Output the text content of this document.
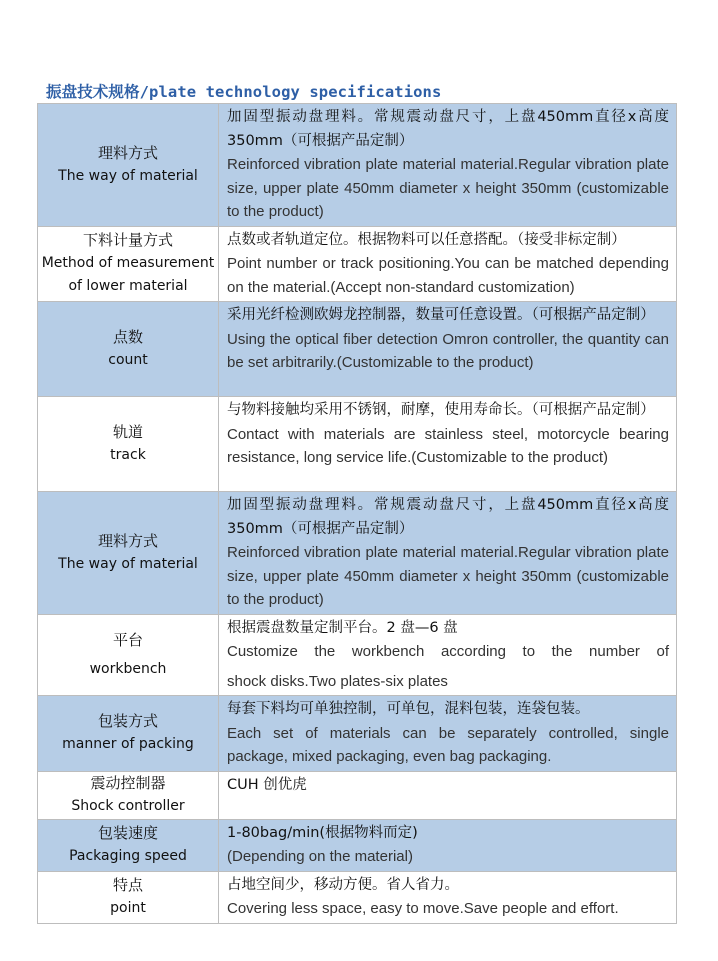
振盘技术规格/plate technology specifications
理料方式
The way of material	加固型振动盘理料。常规震动盘尺寸，上盘450mm直径x高度350mm（可根据产品定制）
Reinforced vibration plate material material.Regular vibration plate size, upper plate 450mm diameter x height 350mm (customizable to the product)

下料计量方式
Method of measurement of lower material	点数或者轨道定位。根据物料可以任意搭配。（接受非标定制）
Point number or track positioning.You can be matched depending on the material.(Accept non-standard customization)

点数
count	采用光纤检测欧姆龙控制器，数量可任意设置。（可根据产品定制）
Using the optical fiber detection Omron controller, the quantity can be set arbitrarily.(Customizable to the product)

轨道
track	与物料接触均采用不锈钢，耐摩，使用寿命长。（可根据产品定制）
Contact with materials are stainless steel, motorcycle bearing resistance, long service life.(Customizable to the product)

理料方式
The way of material	加固型振动盘理料。常规震动盘尺寸，上盘450mm直径x高度350mm（可根据产品定制）
Reinforced vibration plate material material.Regular vibration plate size, upper plate 450mm diameter x height 350mm (customizable to the product)

平台
workbench	根据震盘数量定制平台。2 盘—6 盘
Customize the workbench according to the number of
shock disks.Two plates-six plates

包装方式
manner of packing	每套下料均可单独控制，可单包，混料包装，连袋包装。
Each set of materials can be separately controlled, single package, mixed packaging, even bag packaging.

震动控制器
Shock controller	CUH 创优虎

包装速度
Packaging speed	1-80bag/min(根据物料而定)
(Depending on the material)

特点
point	占地空间少，移动方便。省人省力。
Covering less space, easy to move.Save people and effort.
